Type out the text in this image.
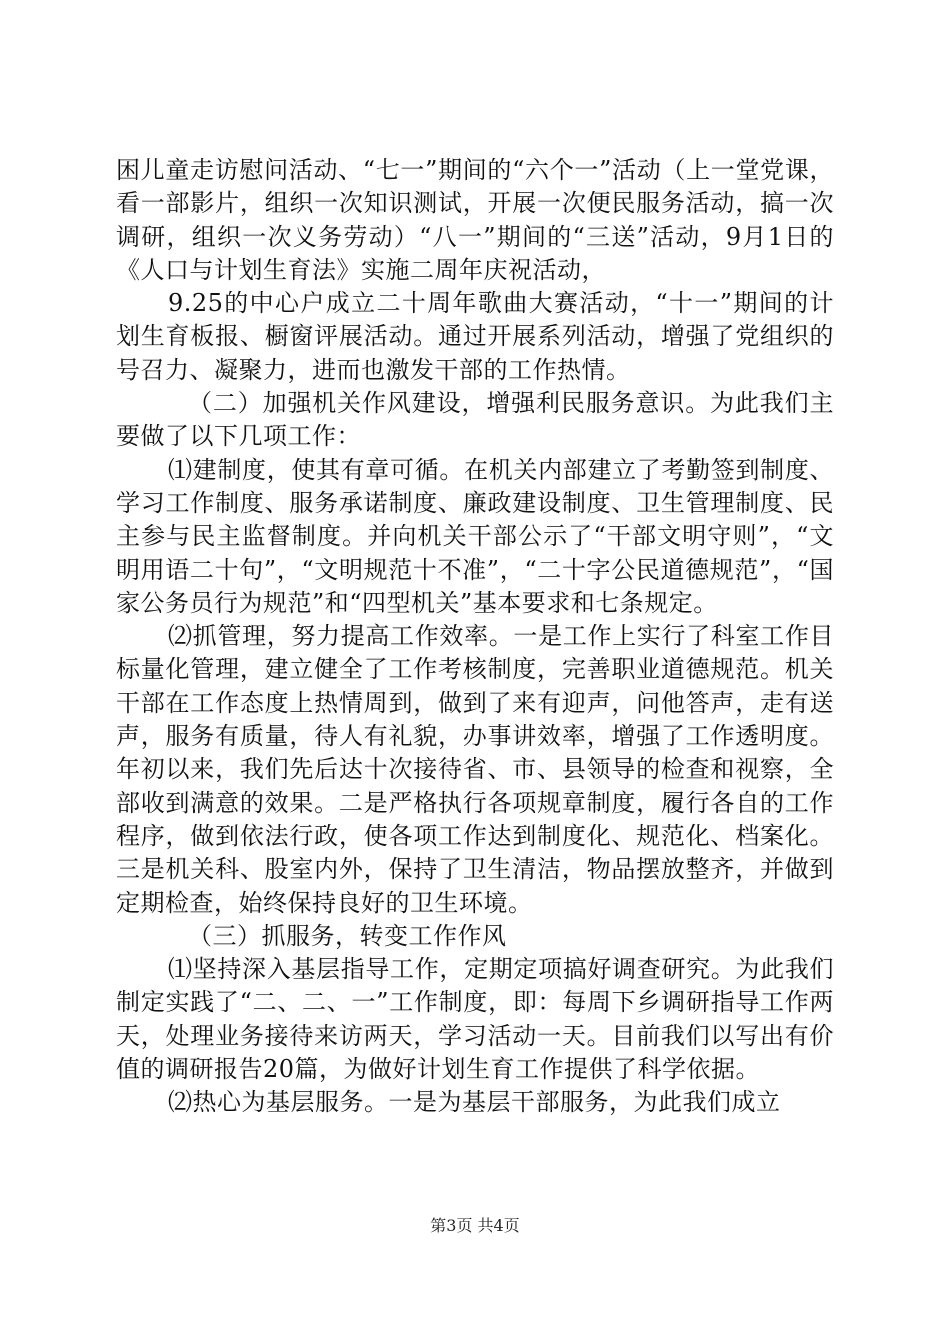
困儿童走访慰问活动、“七一”期间的“六个一”活动（上一堂党课，看一部影片，组织一次知识测试，开展一次便民服务活动，搞一次调研，组织一次义务劳动）“八一”期间的“三送”活动，9月1日的《人口与计划生育法》实施二周年庆祝活动，

9.25的中心户成立二十周年歌曲大赛活动，“十一”期间的计划生育板报、橱窗评展活动。通过开展系列活动，增强了党组织的号召力、凝聚力，进而也激发干部的工作热情。

（二）加强机关作风建设，增强利民服务意识。为此我们主要做了以下几项工作：

⑴建制度，使其有章可循。在机关内部建立了考勤签到制度、学习工作制度、服务承诺制度、廉政建设制度、卫生管理制度、民主参与民主监督制度。并向机关干部公示了“干部文明守则”，“文明用语二十句”，“文明规范十不准”，“二十字公民道德规范”，“国家公务员行为规范”和“四型机关”基本要求和七条规定。

⑵抓管理，努力提高工作效率。一是工作上实行了科室工作目标量化管理，建立健全了工作考核制度，完善职业道德规范。机关干部在工作态度上热情周到，做到了来有迎声，问他答声，走有送声，服务有质量，待人有礼貌，办事讲效率，增强了工作透明度。年初以来，我们先后达十次接待省、市、县领导的检查和视察，全部收到满意的效果。二是严格执行各项规章制度，履行各自的工作程序，做到依法行政，使各项工作达到制度化、规范化、档案化。三是机关科、股室内外，保持了卫生清洁，物品摆放整齐，并做到定期检查，始终保持良好的卫生环境。

（三）抓服务，转变工作作风

⑴坚持深入基层指导工作，定期定项搞好调查研究。为此我们制定实践了“二、二、一”工作制度，即：每周下乡调研指导工作两天，处理业务接待来访两天，学习活动一天。目前我们以写出有价值的调研报告20篇，为做好计划生育工作提供了科学依据。

⑵热心为基层服务。一是为基层干部服务，为此我们成立

第3页 共4页
